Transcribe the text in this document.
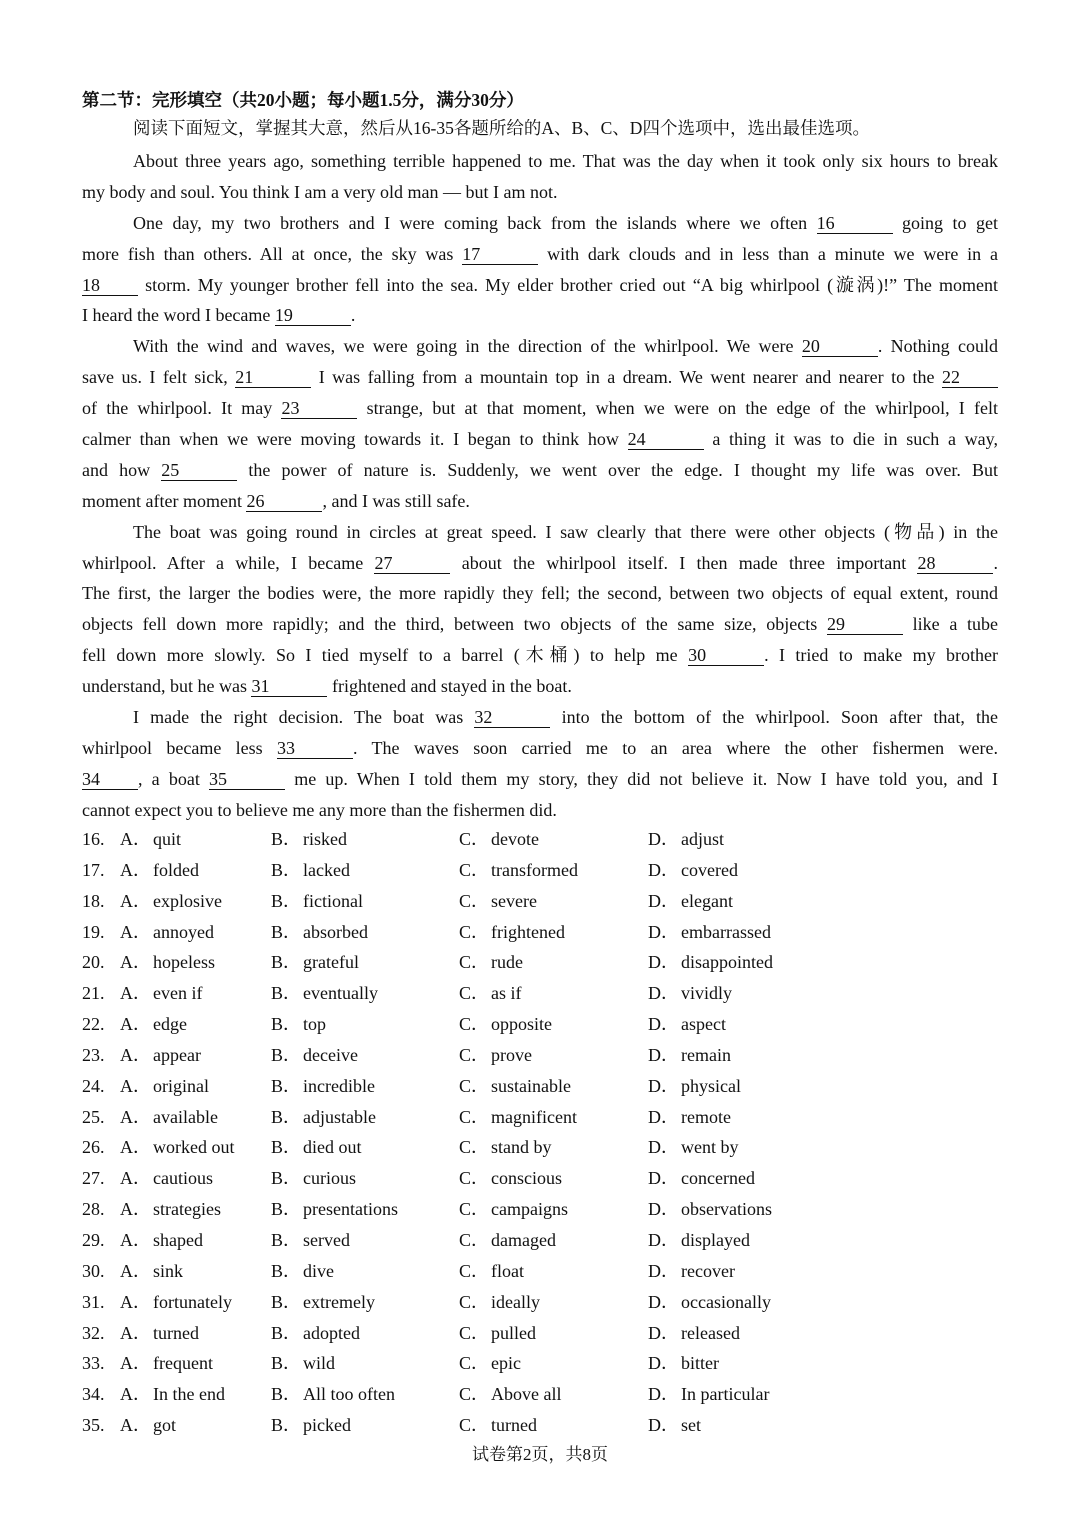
第二节：完形填空（共20小题；每小题1.5分，满分30分）
阅读下面短文，掌握其大意，然后从16-35各题所给的A、B、C、D四个选项中，选出最佳选项。
About three years ago, something terrible happened to me. That was the day when it took only six hours to break
my body and soul. You think I am a very old man — but I am not.
One day, my two brothers and I were coming back from the islands where we often 16	going to get
more fish than others. All at once, the sky was 17	with dark clouds and in less than a minute we were in a
18 storm. My younger brother fell into the sea. My elder brother cried out “A big whirlpool (漩涡)!” The moment
I heard the word I became 19	.
With the wind and waves, we were going in the direction of the whirlpool. We were 20	. Nothing could
save us. I felt sick, 21	I was falling from a mountain top in a dream. We went nearer and nearer to the 22
of the whirlpool. It may 23	strange, but at that moment, when we were on the edge of the whirlpool, I felt
calmer than when we were moving towards it. I began to think how 24	a thing it was to die in such a way,
and how 25	the power of nature is. Suddenly, we went over the edge. I thought my life was over. But
moment after moment 26	, and I was still safe.
The boat was going round in circles at great speed. I saw clearly that there were other objects (物品) in the
whirlpool. After a while, I became 27	about the whirlpool itself. I then made three important 28	.
The first, the larger the bodies were, the more rapidly they fell; the second, between two objects of equal extent, round
objects fell down more rapidly; and the third, between two objects of the same size, objects 29	like a tube
fell down more slowly. So I tied myself to a barrel (木桶) to help me 30	. I tried to make my brother
understand, but he was 31	frightened and stayed in the boat.
I made the right decision. The boat was 32	into the bottom of the whirlpool. Soon after that, the
whirlpool became less 33	. The waves soon carried me to an area where the other fishermen were.
34 , a boat 35	me up. When I told them my story, they did not believe it. Now I have told you, and I
cannot expect you to believe me any more than the fishermen did.
16. A． quit	B． risked	C． devote	D． adjust
17. A． folded	B． lacked	C． transformed	D． covered
18. A． explosive	B． fictional	C． severe	D． elegant
19. A． annoyed	B． absorbed	C． frightened	D． embarrassed
20. A． hopeless	B． grateful	C． rude	D． disappointed
21. A． even if	B． eventually	C． as if	D． vividly
22. A． edge	B． top	C． opposite	D． aspect
23. A． appear	B． deceive	C． prove	D． remain
24. A． original	B． incredible	C． sustainable	D． physical
25. A． available	B． adjustable	C． magnificent	D． remote
26. A． worked out B． died out	C． stand by	D． went by
27. A． cautious	B． curious	C． conscious	D． concerned
28. A． strategies	B． presentations	C． campaigns	D． observations
29. A． shaped	B． served	C． damaged	D． displayed
30. A． sink	B． dive	C． float	D． recover
31. A． fortunately B． extremely	C． ideally	D． occasionally
32. A． turned	B． adopted	C． pulled	D． released
33. A． frequent	B． wild	C． epic	D． bitter
34. A． In the end	B． All too often	C． Above all	D． In particular
35. A． got	B． picked	C． turned	D． set
试卷第2页，共8页
